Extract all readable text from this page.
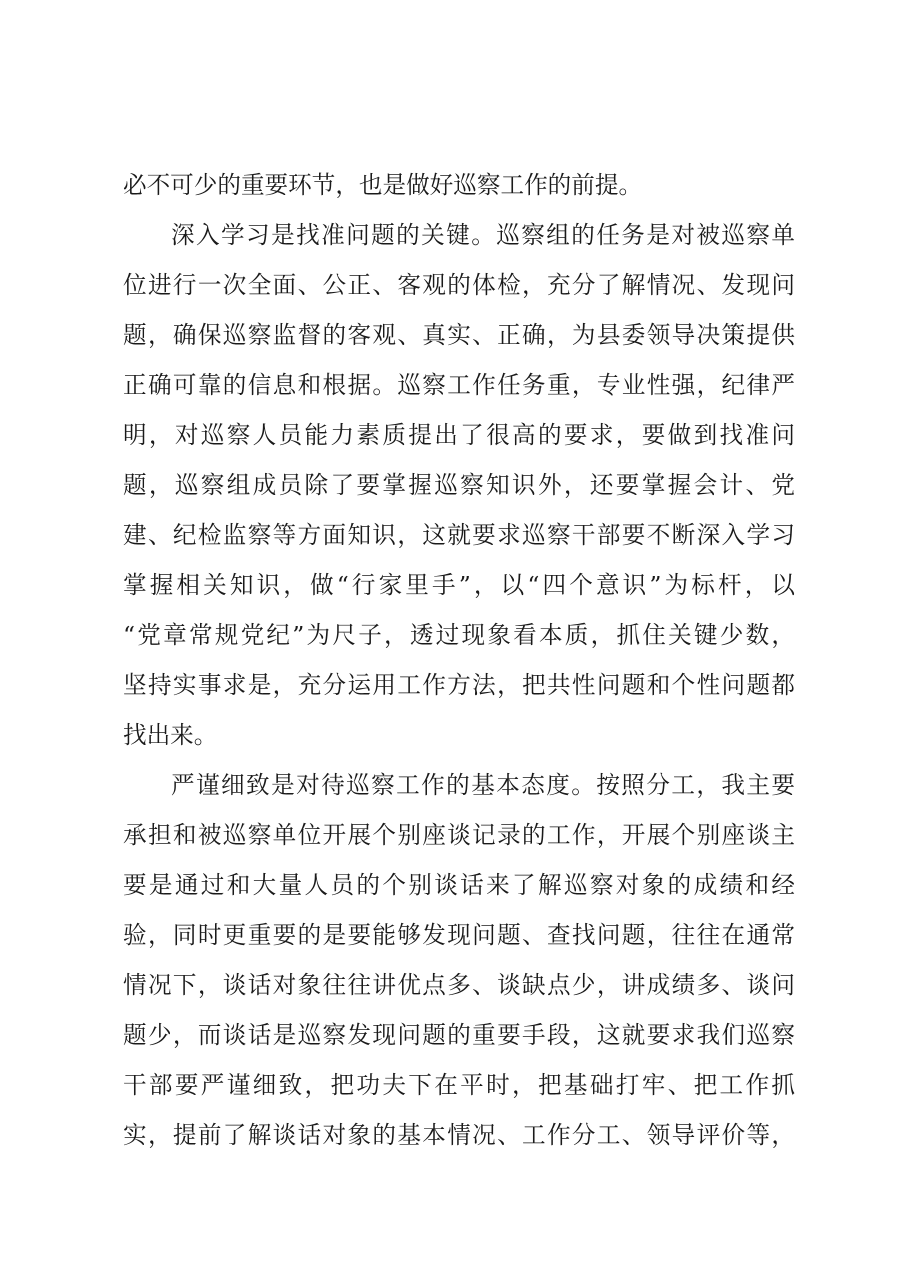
必不可少的重要环节，也是做好巡察工作的前提。
深入学习是找准问题的关键。巡察组的任务是对被巡察单
位进行一次全面、公正、客观的体检，充分了解情况、发现问
题，确保巡察监督的客观、真实、正确，为县委领导决策提供
正确可靠的信息和根据。巡察工作任务重，专业性强，纪律严
明，对巡察人员能力素质提出了很高的要求，要做到找准问
题，巡察组成员除了要掌握巡察知识外，还要掌握会计、党
建、纪检监察等方面知识，这就要求巡察干部要不断深入学习
掌握相关知识，做“行家里手”，以“四个意识”为标杆，以
“党章常规党纪”为尺子，透过现象看本质，抓住关键少数，
坚持实事求是，充分运用工作方法，把共性问题和个性问题都
找出来。
严谨细致是对待巡察工作的基本态度。按照分工，我主要
承担和被巡察单位开展个别座谈记录的工作，开展个别座谈主
要是通过和大量人员的个别谈话来了解巡察对象的成绩和经
验，同时更重要的是要能够发现问题、查找问题，往往在通常
情况下，谈话对象往往讲优点多、谈缺点少，讲成绩多、谈问
题少，而谈话是巡察发现问题的重要手段，这就要求我们巡察
干部要严谨细致，把功夫下在平时，把基础打牢、把工作抓
实，提前了解谈话对象的基本情况、工作分工、领导评价等，
